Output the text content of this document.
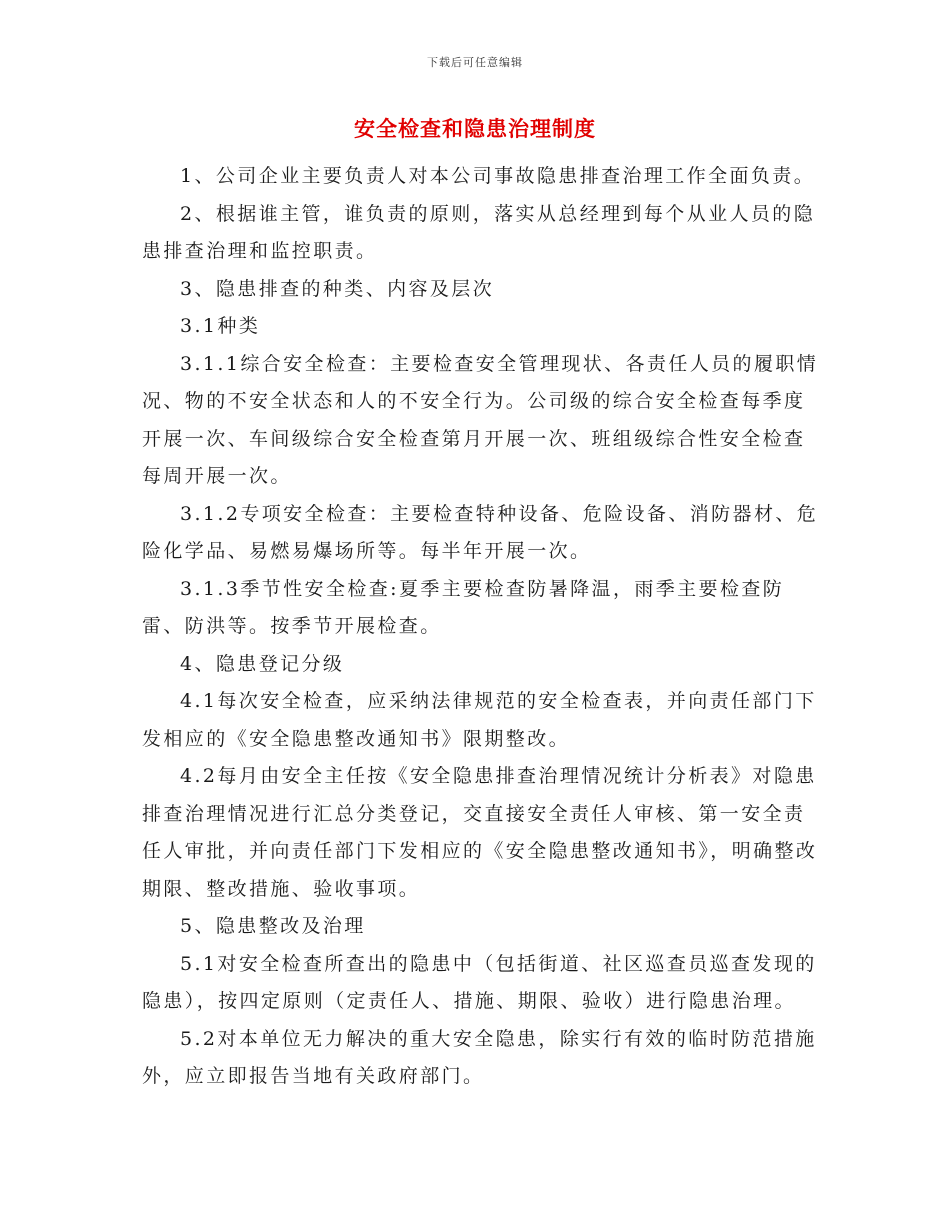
下载后可任意编辑
安全检查和隐患治理制度

1、公司企业主要负责人对本公司事故隐患排查治理工作全面负责。

2、根据谁主管，谁负责的原则，落实从总经理到每个从业人员的隐患排查治理和监控职责。

3、隐患排查的种类、内容及层次

3.1种类

3.1.1综合安全检查：主要检查安全管理现状、各责任人员的履职情况、物的不安全状态和人的不安全行为。公司级的综合安全检查每季度开展一次、车间级综合安全检查第月开展一次、班组级综合性安全检查每周开展一次。

3.1.2专项安全检查：主要检查特种设备、危险设备、消防器材、危险化学品、易燃易爆场所等。每半年开展一次。

3.1.3季节性安全检查:夏季主要检查防暑降温，雨季主要检查防雷、防洪等。按季节开展检查。

4、隐患登记分级

4.1每次安全检查，应采纳法律规范的安全检查表，并向责任部门下发相应的《安全隐患整改通知书》限期整改。

4.2每月由安全主任按《安全隐患排查治理情况统计分析表》对隐患排查治理情况进行汇总分类登记，交直接安全责任人审核、第一安全责任人审批，并向责任部门下发相应的《安全隐患整改通知书》，明确整改期限、整改措施、验收事项。

5、隐患整改及治理

5.1对安全检查所查出的隐患中（包括街道、社区巡查员巡查发现的隐患），按四定原则（定责任人、措施、期限、验收）进行隐患治理。

5.2对本单位无力解决的重大安全隐患，除实行有效的临时防范措施外，应立即报告当地有关政府部门。
